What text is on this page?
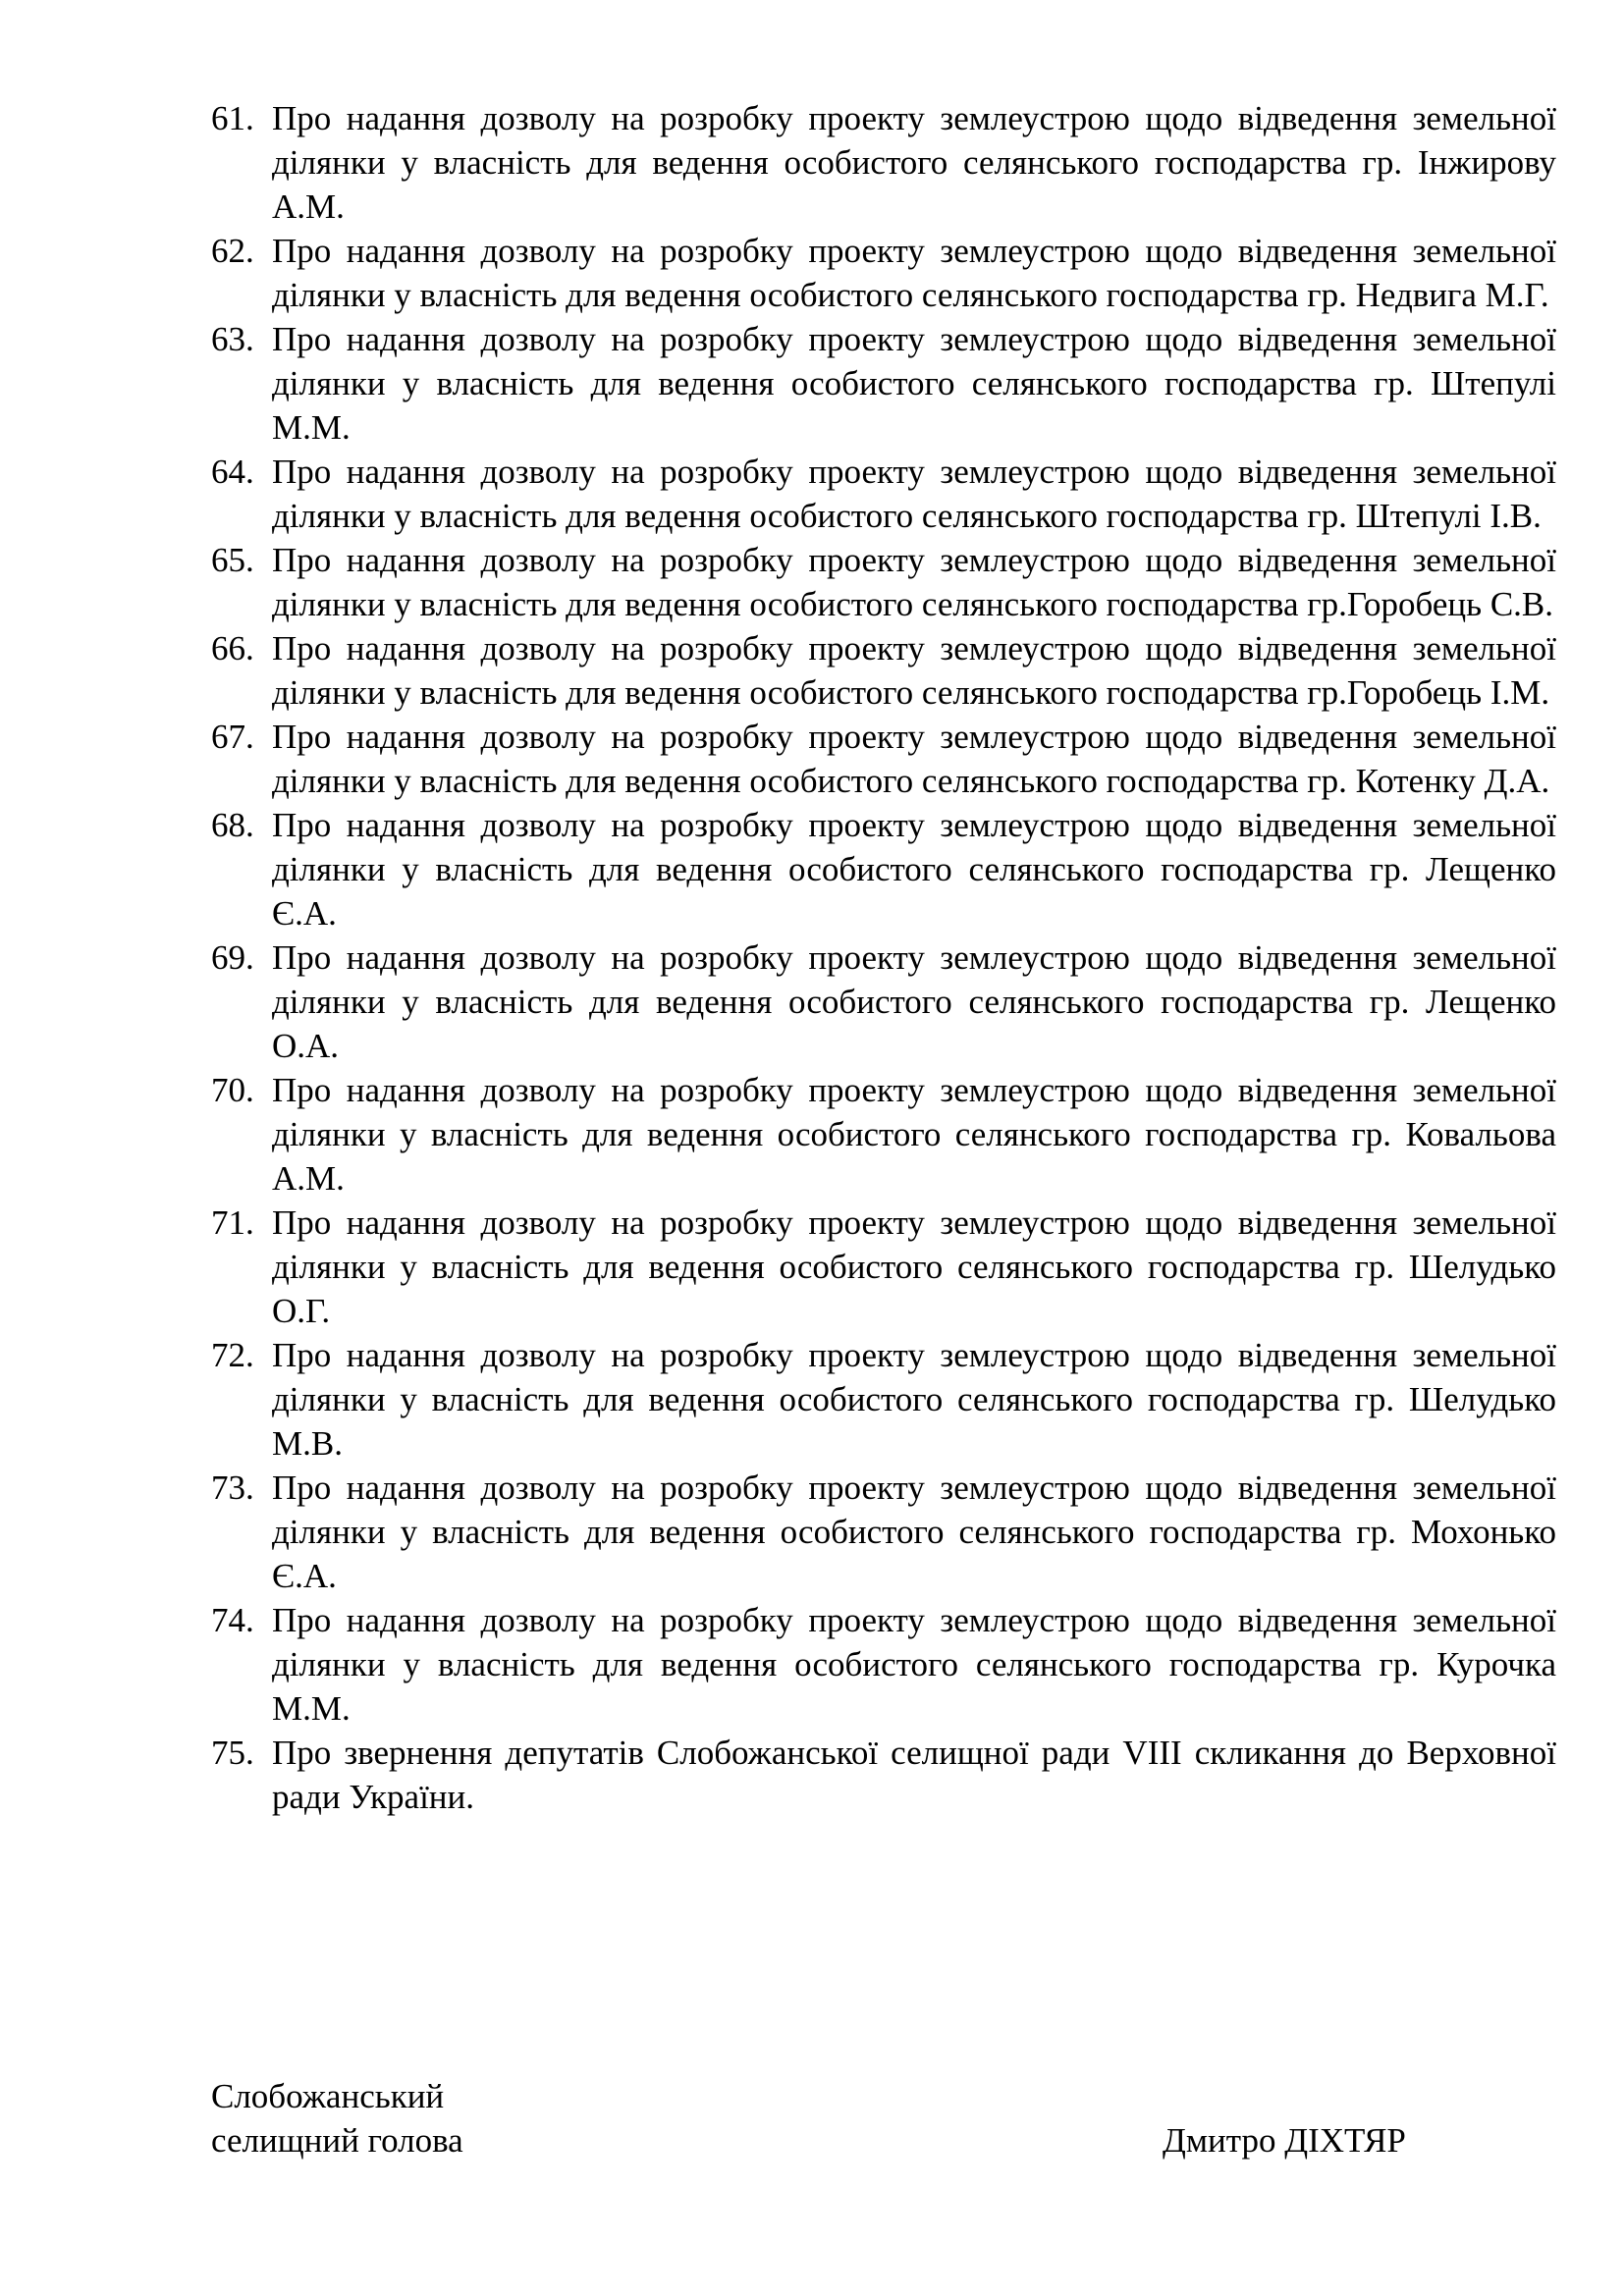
61. Про надання дозволу на розробку проекту землеустрою щодо відведення земельної ділянки у власність для ведення особистого селянського господарства гр. Інжирову А.М.
62. Про надання дозволу на розробку проекту землеустрою щодо відведення земельної ділянки у власність для ведення особистого селянського господарства гр. Недвига М.Г.
63. Про надання дозволу на розробку проекту землеустрою щодо відведення земельної ділянки у власність для ведення особистого селянського господарства гр. Штепулі М.М.
64. Про надання дозволу на розробку проекту землеустрою щодо відведення земельної ділянки у власність для ведення особистого селянського господарства гр. Штепулі І.В.
65. Про надання дозволу на розробку проекту землеустрою щодо відведення земельної ділянки у власність для ведення особистого селянського господарства гр.Горобець С.В.
66. Про надання дозволу на розробку проекту землеустрою щодо відведення земельної ділянки у власність для ведення особистого селянського господарства гр.Горобець І.М.
67. Про надання дозволу на розробку проекту землеустрою щодо відведення земельної ділянки у власність для ведення особистого селянського господарства гр. Котенку Д.А.
68. Про надання дозволу на розробку проекту землеустрою щодо відведення земельної ділянки у власність для ведення особистого селянського господарства гр. Лещенко Є.А.
69. Про надання дозволу на розробку проекту землеустрою щодо відведення земельної ділянки у власність для ведення особистого селянського господарства гр. Лещенко О.А.
70. Про надання дозволу на розробку проекту землеустрою щодо відведення земельної ділянки у власність для ведення особистого селянського господарства гр. Ковальова А.М.
71. Про надання дозволу на розробку проекту землеустрою щодо відведення земельної ділянки у власність для ведення особистого селянського господарства гр. Шелудько О.Г.
72. Про надання дозволу на розробку проекту землеустрою щодо відведення земельної ділянки у власність для ведення особистого селянського господарства гр. Шелудько М.В.
73. Про надання дозволу на розробку проекту землеустрою щодо відведення земельної ділянки у власність для ведення особистого селянського господарства гр. Мохонько Є.А.
74. Про надання дозволу на розробку проекту землеустрою щодо відведення земельної ділянки у власність для ведення особистого селянського господарства гр. Курочка М.М.
75. Про звернення депутатів Слобожанської селищної ради VIII скликання до Верховної ради України.
Слобожанський
селищний голова	Дмитро ДІХТЯР
